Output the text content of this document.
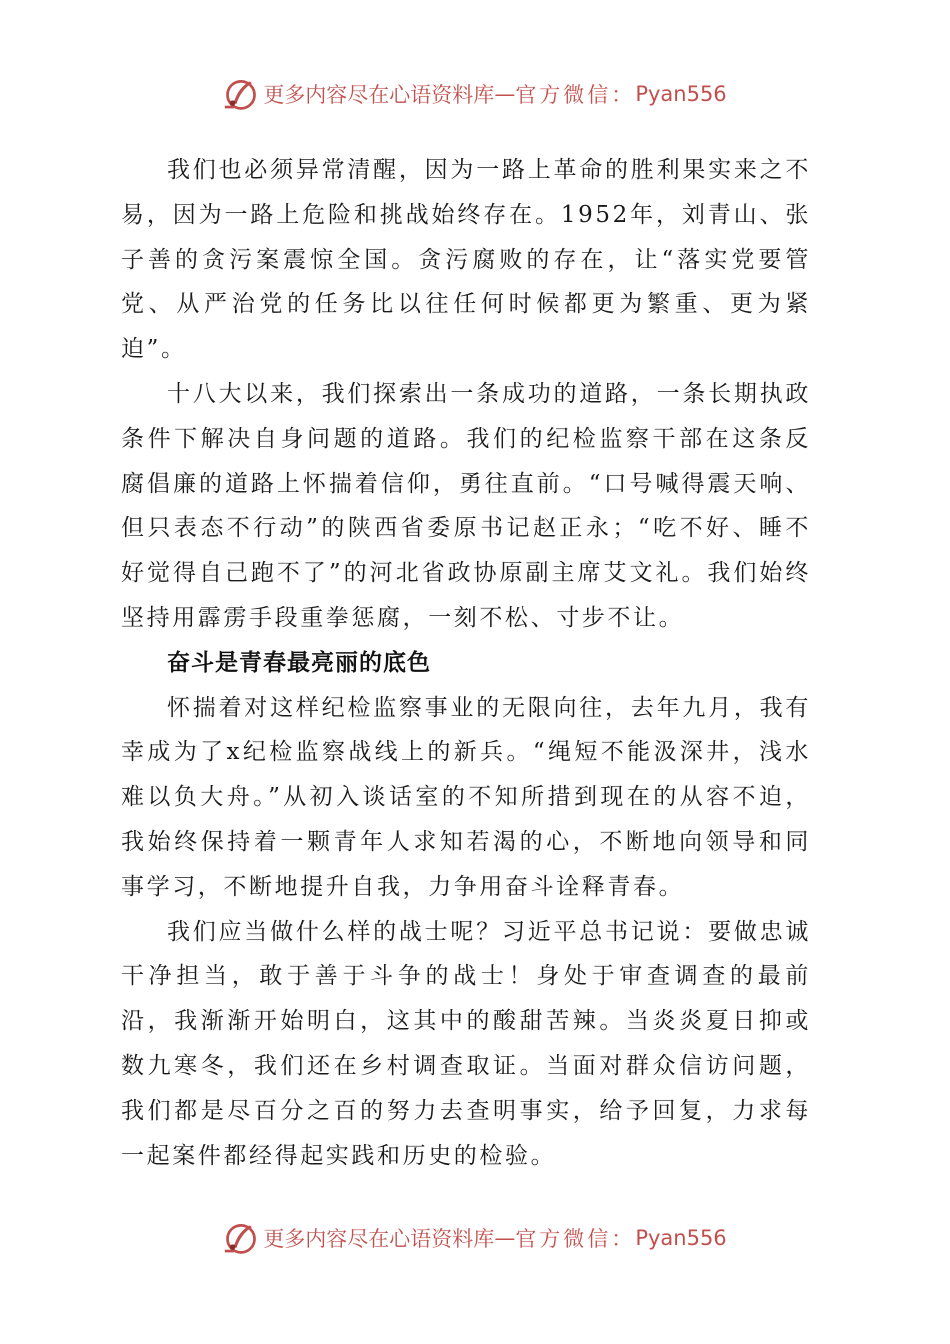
更多内容尽在心语资料库 — 官方微信： Pyan556

我们也必须异常清醒，因为一路上革命的胜利果实来之不易，因为一路上危险和挑战始终存在。1952年，刘青山、张子善的贪污案震惊全国。贪污腐败的存在，让“落实党要管党、从严治党的任务比以往任何时候都更为繁重、更为紧迫”。

十八大以来，我们探索出一条成功的道路，一条长期执政条件下解决自身问题的道路。我们的纪检监察干部在这条反腐倡廉的道路上怀揣着信仰，勇往直前。“口号喊得震天响、但只表态不行动”的陕西省委原书记赵正永；“吃不好、睡不好觉得自己跑不了”的河北省政协原副主席艾文礼。我们始终坚持用霹雳手段重拳惩腐，一刻不松、寸步不让。

奋斗是青春最亮丽的底色

怀揣着对这样纪检监察事业的无限向往，去年九月，我有幸成为了x纪检监察战线上的新兵。“绳短不能汲深井，浅水难以负大舟。”从初入谈话室的不知所措到现在的从容不迫，我始终保持着一颗青年人求知若渴的心，不断地向领导和同事学习，不断地提升自我，力争用奋斗诠释青春。

我们应当做什么样的战士呢？习近平总书记说：要做忠诚干净担当，敢于善于斗争的战士！身处于审查调查的最前沿，我渐渐开始明白，这其中的酸甜苦辣。当炎炎夏日抑或数九寒冬，我们还在乡村调查取证。当面对群众信访问题，我们都是尽百分之百的努力去查明事实，给予回复，力求每一起案件都经得起实践和历史的检验。

更多内容尽在心语资料库 — 官方微信： Pyan556
